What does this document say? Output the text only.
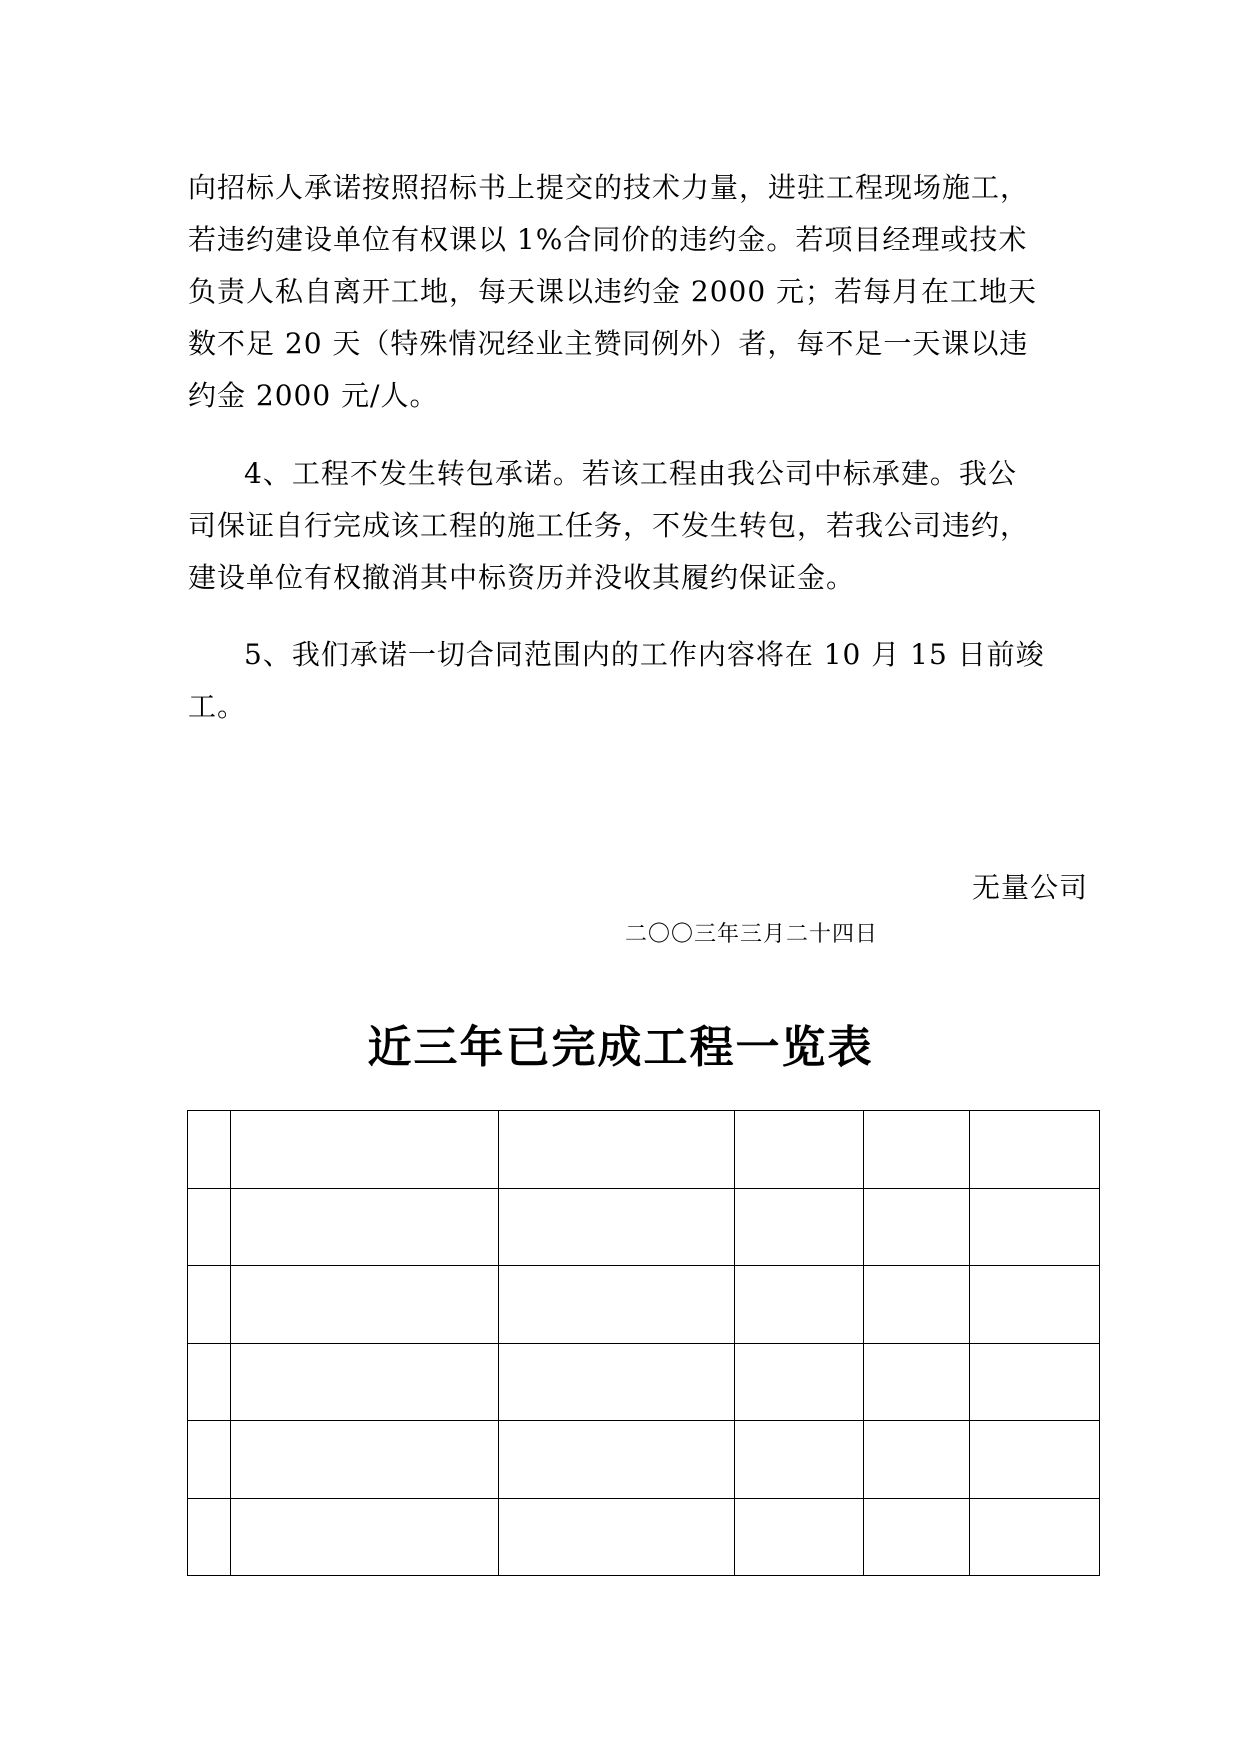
向招标人承诺按照招标书上提交的技术力量，进驻工程现场施工，
若违约建设单位有权课以 1%合同价的违约金。若项目经理或技术
负责人私自离开工地，每天课以违约金 2000 元；若每月在工地天
数不足 20 天（特殊情况经业主赞同例外）者，每不足一天课以违
约金 2000 元/人。
4、工程不发生转包承诺。若该工程由我公司中标承建。我公
司保证自行完成该工程的施工任务，不发生转包，若我公司违约，
建设单位有权撤消其中标资历并没收其履约保证金。
5、我们承诺一切合同范围内的工作内容将在 10 月 15 日前竣
工。
无量公司
二〇〇三年三月二十四日
近三年已完成工程一览表
